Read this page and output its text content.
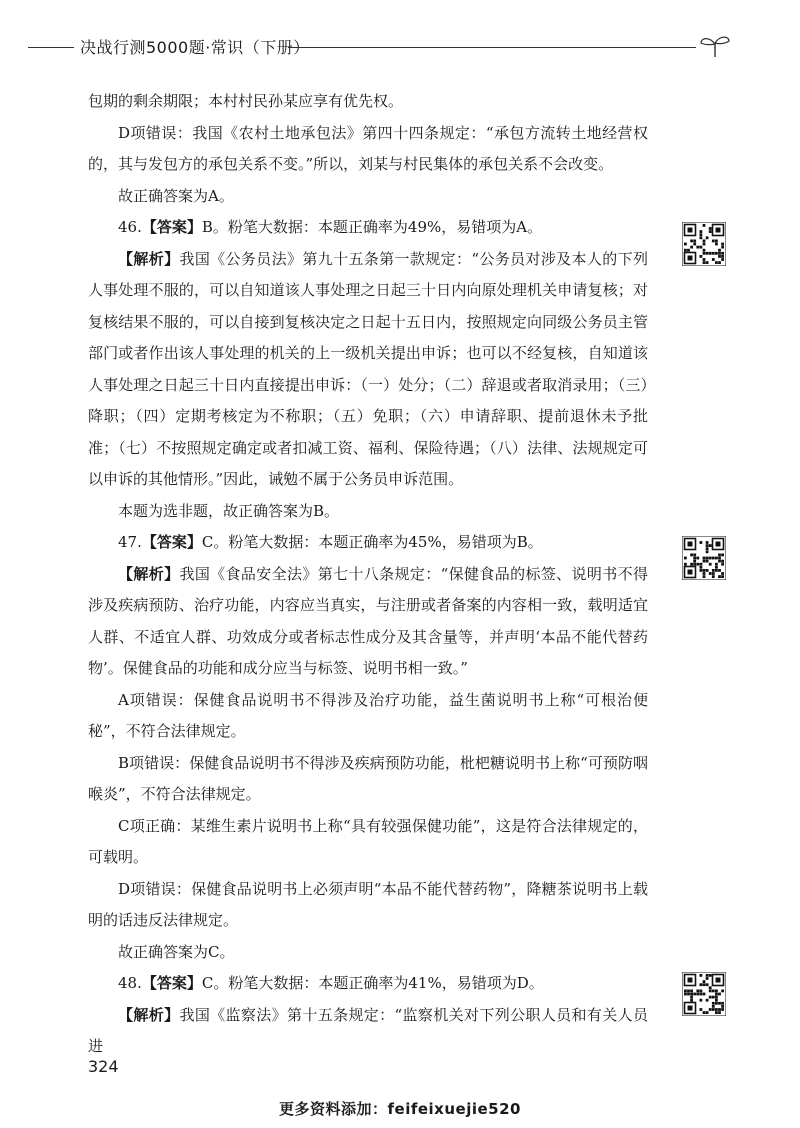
决战行测5000题·常识（下册）

包期的剩余期限；本村村民孙某应享有优先权。

D项错误：我国《农村土地承包法》第四十四条规定：“承包方流转土地经营权的，其与发包方的承包关系不变。”所以，刘某与村民集体的承包关系不会改变。

故正确答案为A。

46.【答案】B。粉笔大数据：本题正确率为49%，易错项为A。

【解析】我国《公务员法》第九十五条第一款规定：“公务员对涉及本人的下列人事处理不服的，可以自知道该人事处理之日起三十日内向原处理机关申请复核；对复核结果不服的，可以自接到复核决定之日起十五日内，按照规定向同级公务员主管部门或者作出该人事处理的机关的上一级机关提出申诉；也可以不经复核，自知道该人事处理之日起三十日内直接提出申诉：（一）处分；（二）辞退或者取消录用；（三）降职；（四）定期考核定为不称职；（五）免职；（六）申请辞职、提前退休未予批准；（七）不按照规定确定或者扣减工资、福利、保险待遇；（八）法律、法规规定可以申诉的其他情形。”因此，诫勉不属于公务员申诉范围。

本题为选非题，故正确答案为B。

47.【答案】C。粉笔大数据：本题正确率为45%，易错项为B。

【解析】我国《食品安全法》第七十八条规定：“保健食品的标签、说明书不得涉及疾病预防、治疗功能，内容应当真实，与注册或者备案的内容相一致，载明适宜人群、不适宜人群、功效成分或者标志性成分及其含量等，并声明‘本品不能代替药物’。保健食品的功能和成分应当与标签、说明书相一致。”

A项错误：保健食品说明书不得涉及治疗功能，益生菌说明书上称“可根治便秘”，不符合法律规定。

B项错误：保健食品说明书不得涉及疾病预防功能，枇杷糖说明书上称“可预防咽喉炎”，不符合法律规定。

C项正确：某维生素片说明书上称“具有较强保健功能”，这是符合法律规定的，可载明。

D项错误：保健食品说明书上必须声明“本品不能代替药物”，降糖茶说明书上载明的话违反法律规定。

故正确答案为C。

48.【答案】C。粉笔大数据：本题正确率为41%，易错项为D。

【解析】我国《监察法》第十五条规定：“监察机关对下列公职人员和有关人员进

324
更多资料添加：feifeixuejie520
